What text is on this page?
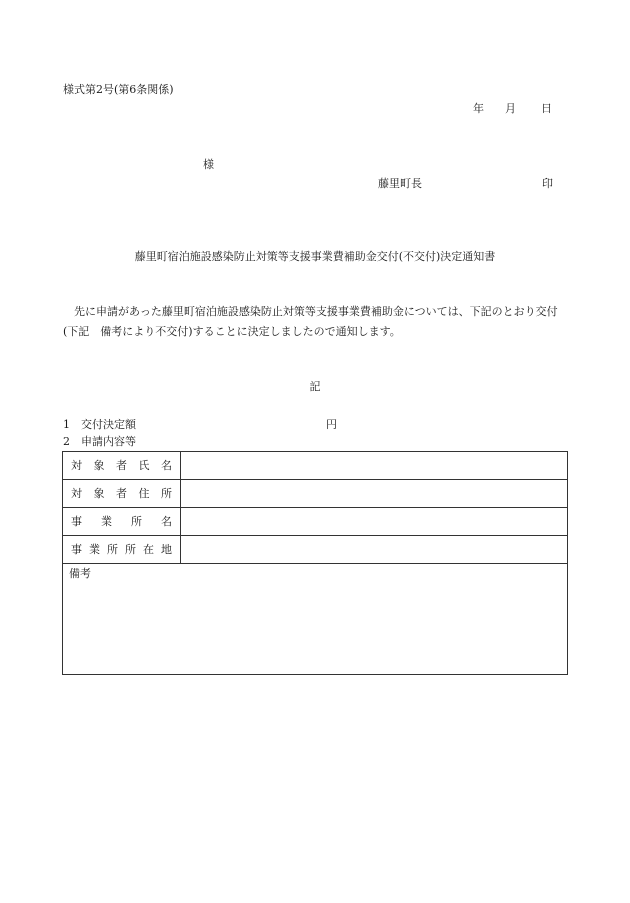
様式第2号(第6条関係)
年 月 日
様
藤里町長	印
藤里町宿泊施設感染防止対策等支援事業費補助金交付(不交付)決定通知書
先に申請があった藤里町宿泊施設感染防止対策等支援事業費補助金については、下記のとおり交付(下記　備考により不交付)することに決定しましたので通知します。
記
1　交付決定額	円
2　申請内容等
対象者氏名	
対象者住所	
事業所名	
事業所所在地	
備考	
